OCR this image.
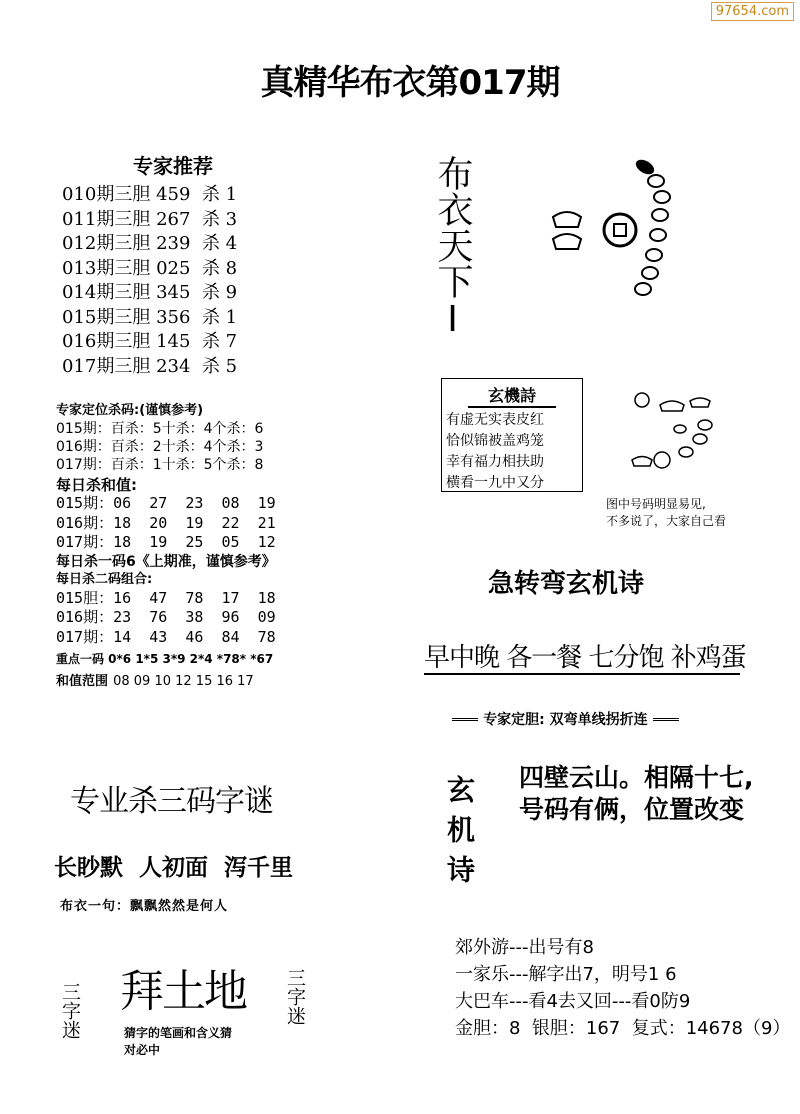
97654.com
真精华布衣第017期
专家推荐
010期三胆 459  杀 1
011期三胆 267  杀 3
012期三胆 239  杀 4
013期三胆 025  杀 8
014期三胆 345  杀 9
015期三胆 356  杀 1
016期三胆 145  杀 7
017期三胆 234  杀 5
专家定位杀码:(谨慎参考)
015期：百杀：5十杀：4个杀：6
016期：百杀：2十杀：4个杀：3
017期：百杀：1十杀：5个杀：8
每日杀和值:
015期：06  27  23  08  19
016期：18  20  19  22  21
017期：18  19  25  05  12
每日杀一码6《上期准，谨慎参考》
每日杀二码组合:
015胆：16  47  78  17  18
016期：23  76  38  96  09
017期：14  43  46  84  78
重点一码 0*6 1*5 3*9 2*4 *78* *67
和值范围 08 09 10 12 15 16 17
布衣天下I
玄機詩
有虚无实表皮红
恰似锦被盖鸡笼
幸有福力相扶助
横看一九中又分
图中号码明显易见,
不多说了，大家自己看
急转弯玄机诗
早中晚 各一餐 七分饱 补鸡蛋
专家定胆: 双弯单线拐折连
玄机诗 四壁云山。相隔十七,
号码有俩，位置改变
专业杀三码字谜
长眇默  人初面  泻千里
布衣一句：飘飘然然是何人
三字迷 拜土地 三字迷
猜字的笔画和含义猜
对必中
郊外游---出号有8
一家乐---解字出7，明号1 6
大巴车---看4去又回---看0防9
金胆：8  银胆：167  复式：14678（9）
